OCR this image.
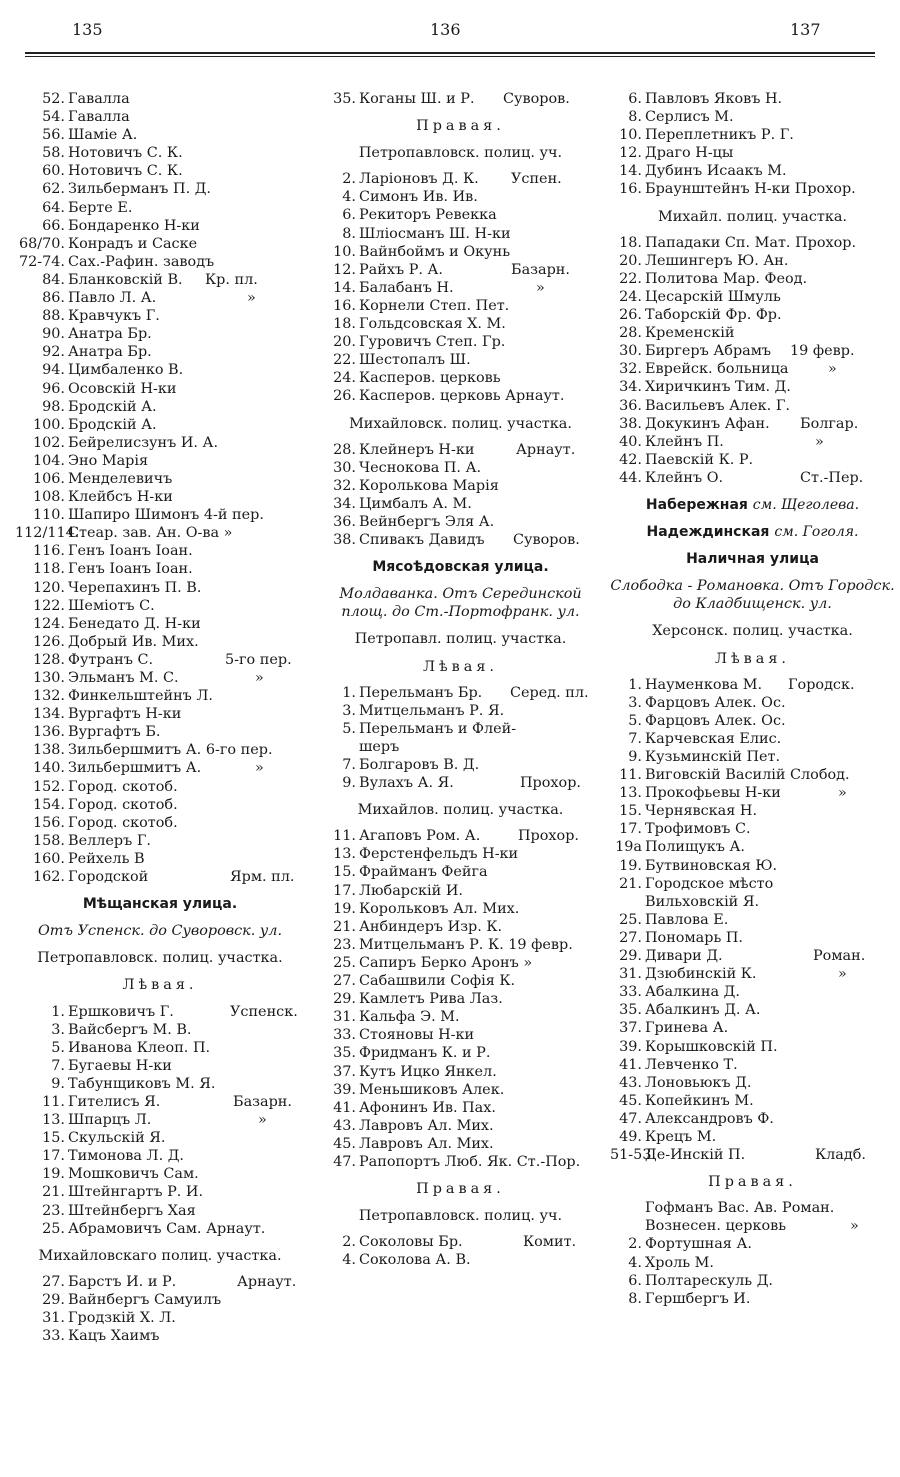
135	136	137
52. Гавалла
54. Гавалла
56. Шаміе А.
58. Нотовичъ С. К.
60. Нотовичъ С. К.
62. Зильберманъ П. Д.
64. Берте Е.
66. Бондаренко Н-ки
68/70. Конрадъ и Саске
72-74. Сах.-Рафин. заводъ
84. Бланковскій В. Кр. пл.
86. Павло Л. А.	»
88. Кравчукъ Г.
90. Анатра Бр.
92. Анатра Бр.
94. Цимбаленко В.
96. Осовскій Н-ки
98. Бродскій А.
100. Бродскій А.
102. Бейрелисзунъ И. А.
104. Эно Марія
106. Менделевичъ
108. Клейбсъ Н-ки
110. Шапиро Шимонъ 4-й пер.
112/114.Стеар. зав. Ан. О-ва »
116. Генъ Іоанъ Іоан.
118. Генъ Іоанъ Іоан.
120. Черепахинъ П. В.
122. Шеміотъ С.
124. Бенедато Д. Н-ки
126. Добрый Ив. Мих.
128. Футранъ С.	5-го пер.
130. Эльманъ М. С.	»
132. Финкельштейнъ Л.
134. Вургафтъ Н-ки
136. Вургафтъ Б.
138. Зильбершмитъ А. 6-го пер.
140. Зильбершмитъ А.	»
152. Город. скотоб.
154. Город. скотоб.
156. Город. скотоб.
158. Веллеръ Г.
160. Рейхель В
162. Городской	Ярм. пл.
Мѣщанская улица.
Отъ Успенск. до Суворовск. ул.
Петропавловск. полиц. участка.
Лѣвая.
1. Ершковичъ Г.	Успенск.
3. Вайсбергъ М. В.
5. Иванова Клеоп. П.
7. Бугаевы Н-ки
9. Табунщиковъ М. Я.
11. Гителисъ Я.	Базарн.
13. Шпарцъ Л.	»
15. Скульскій Я.
17. Тимонова Л. Д.
19. Мошковичъ Сам.
21. Штейнгартъ Р. И.
23. Штейнбергъ Хая
25. Абрамовичъ Сам. Арнаут.
Михайловскаго полиц. участка.
27. Барстъ И. и Р.	Арнаут.
29. Вайнбергъ Самуилъ
31. Гродзкій Х. Л.
33. Кацъ Хаимъ
35. Коганы Ш. и Р. Суворов.
Правая.
Петропавловск. полиц. уч.
2. Ларіоновъ Д. К. Успен.
4. Симонъ Ив. Ив.
6. Рекиторъ Ревекка
8. Шліосманъ Ш. Н-ки
10. Вайнбоймъ и Окунь
12. Райхъ Р. А.	Базарн.
14. Балабанъ Н.	»
16. Корнели Степ. Пет.
18. Гольдсовская Х. М.
20. Гуровичъ Степ. Гр.
22. Шестопалъ Ш.
24. Касперов. церковь
26. Касперов. церковь Арнаут.
Михайловск. полиц. участка.
28. Клейнеръ Н-ки	Арнаут.
30. Чеснокова П. А.
32. Королькова Марія
34. Цимбалъ А. М.
36. Вейнбергъ Эля А.
38. Спивакъ Давидъ Суворов.
Мясоѣдовская улица.
Молдаванка. Отъ Серединской площ. до Ст.-Портофранк. ул.
Петропавл. полиц. участка.
Лѣвая.
1. Перельманъ Бр. Серед. пл.
3. Митцельманъ Р. Я.
5. Перельманъ и Флей-
шеръ
7. Болгаровъ В. Д.
9. Вулахъ А. Я.	Прохор.
Михайлов. полиц. участка.
11. Агаповъ Ром. А.	Прохор.
13. Ферстенфельдъ Н-ки
15. Фрайманъ Фейга
17. Любарскій И.
19. Корольковъ Ал. Мих.
21. Анбиндеръ Изр. К.
23. Митцельманъ Р. К. 19 февр.
25. Сапиръ Берко Аронъ »
27. Сабашвили Софія К.
29. Камлетъ Рива Лаз.
31. Кальфа Э. М.
33. Стояновы Н-ки
35. Фридманъ К. и Р.
37. Кутъ Ицко Янкел.
39. Меньшиковъ Алек.
41. Афонинъ Ив. Пах.
43. Лавровъ Ал. Мих.
45. Лавровъ Ал. Мих.
47. Рапопортъ Люб. Як. Ст.-Пор.
Правая.
Петропавловск. полиц. уч.
2. Соколовы Бр.	Комит.
4. Соколова А. В.
6. Павловъ Яковъ Н.
8. Серлисъ М.
10. Переплетникъ Р. Г.
12. Драго Н-цы
14. Дубинъ Исаакъ М.
16. Браунштейнъ Н-ки Прохор.
Михайл. полиц. участка.
18. Пападаки Сп. Мат. Прохор.
20. Лешингеръ Ю. Ан.
22. Политова Мар. Феод.
24. Цесарскій Шмуль
26. Таборскій Фр. Фр.
28. Кременскій
30. Биргеръ Абрамъ 19 февр.
32. Еврейск. больница	»
34. Хиричкинъ Тим. Д.
36. Васильевъ Алек. Г.
38. Докукинъ Афан. Болгар.
40. Клейнъ П.	»
42. Паевскій К. Р.
44. Клейнъ О.	Ст.-Пер.
Набережная см. Щеголева.
Надеждинская см. Гоголя.
Наличная улица
Слободка - Романовка. Отъ Городск. до Кладбищенск. ул.
Херсонск. полиц. участка.
Лѣвая.
1. Науменкова М. Городск.
3. Фарцовъ Алек. Ос.
5. Фарцовъ Алек. Ос.
7. Карчевская Елис.
9. Кузьминскій Пет.
11. Виговскій Василій Слобод.
13. Прокофьевы Н-ки	»
15. Чернявская Н.
17. Трофимовъ С.
19a Полищукъ А.
19. Бутвиновская Ю.
21. Городское мѣсто
Вильховскій Я.
25. Павлова Е.
27. Пономарь П.
29. Дивари Д.	Роман.
31. Дзюбинскій К.	»
33. Абалкина Д.
35. Абалкинъ Д. А.
37. Гринева А.
39. Корышковскій П.
41. Левченко Т.
43. Лоновьюкъ Д.
45. Копейкинъ М.
47. Александровъ Ф.
49. Крецъ М.
51-53.Де-Инскій П.	Кладб.
Правая.
Гофманъ Вас. Ав. Роман.
Вознесен. церковь	»
2. Фортушная А.
4. Хроль М.
6. Полтарескуль Д.
8. Гершбергъ И.
